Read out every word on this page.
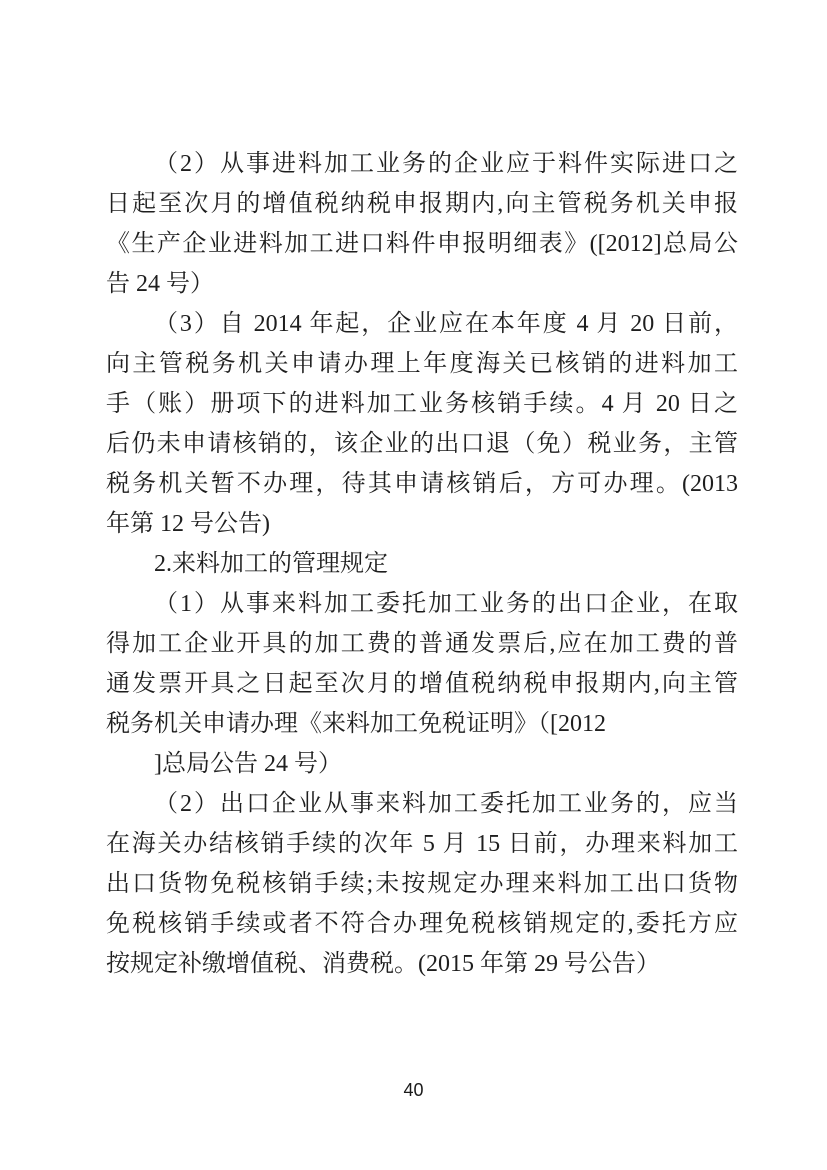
（2）从事进料加工业务的企业应于料件实际进口之
日起至次月的增值税纳税申报期内,向主管税务机关申报
《生产企业进料加工进口料件申报明细表》([2012]总局公
告 24 号）
（3）自 2014 年起，企业应在本年度 4 月 20 日前，
向主管税务机关申请办理上年度海关已核销的进料加工
手（账）册项下的进料加工业务核销手续。4 月 20 日之
后仍未申请核销的，该企业的出口退（免）税业务，主管
税务机关暂不办理，待其申请核销后，方可办理。(2013
年第 12 号公告)
2.来料加工的管理规定
（1）从事来料加工委托加工业务的出口企业，在取
得加工企业开具的加工费的普通发票后,应在加工费的普
通发票开具之日起至次月的增值税纳税申报期内,向主管
税务机关申请办理《来料加工免税证明》（[2012
]总局公告 24 号）
（2）出口企业从事来料加工委托加工业务的，应当
在海关办结核销手续的次年 5 月 15 日前，办理来料加工
出口货物免税核销手续;未按规定办理来料加工出口货物
免税核销手续或者不符合办理免税核销规定的,委托方应
按规定补缴增值税、消费税。(2015 年第 29 号公告）
40
